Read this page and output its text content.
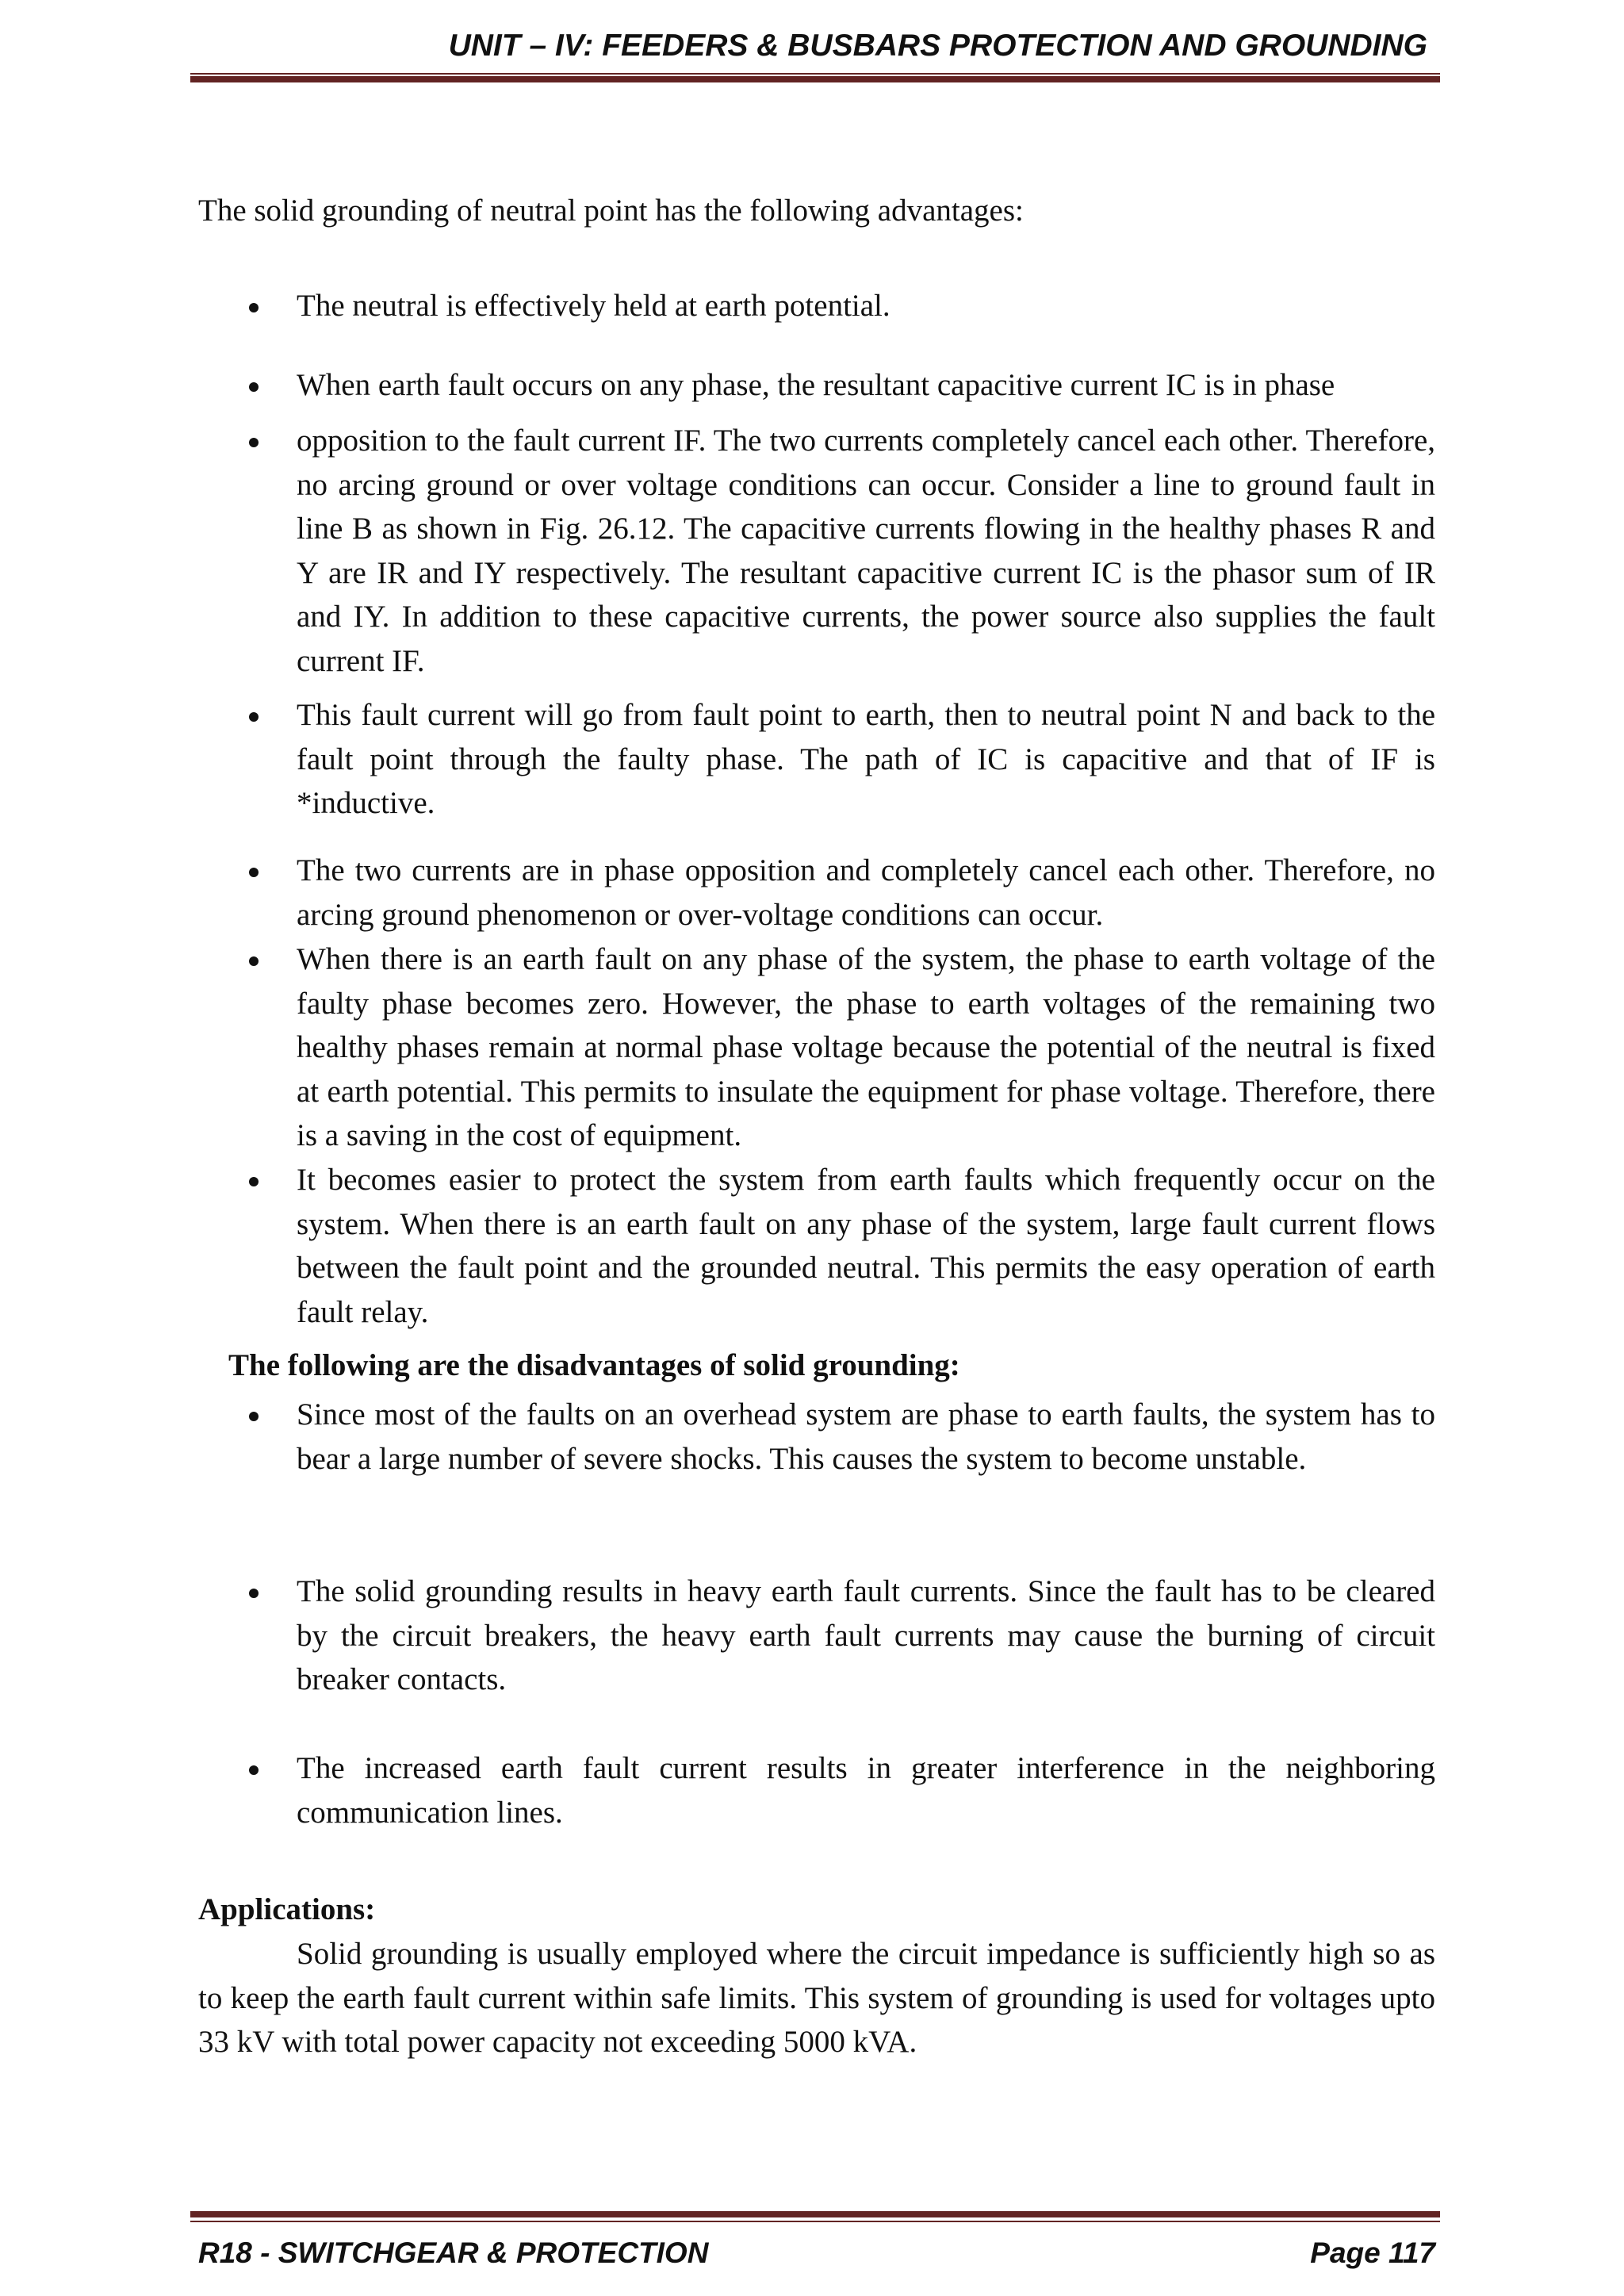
UNIT – IV: FEEDERS & BUSBARS PROTECTION AND GROUNDING
The solid grounding of neutral point has the following advantages:
The neutral is effectively held at earth potential.
When earth fault occurs on any phase, the resultant capacitive current IC is in phase
opposition to the fault current IF. The two currents completely cancel each other. Therefore, no arcing ground or over voltage conditions can occur. Consider a line to ground fault in line B as shown in Fig. 26.12. The capacitive currents flowing in the healthy phases R and Y are IR and IY respectively. The resultant capacitive current IC is the phasor sum of IR and IY. In addition to these capacitive currents, the power source also supplies the fault current IF.
This fault current will go from fault point to earth, then to neutral point N and back to the fault point through the faulty phase. The path of IC is capacitive and that of IF is *inductive.
The two currents are in phase opposition and completely cancel each other. Therefore, no arcing ground phenomenon or over-voltage conditions can occur.
When there is an earth fault on any phase of the system, the phase to earth voltage of the faulty phase becomes zero. However, the phase to earth voltages of the remaining two healthy phases remain at normal phase voltage because the potential of the neutral is fixed at earth potential. This permits to insulate the equipment for phase voltage. Therefore, there is a saving in the cost of equipment.
It becomes easier to protect the system from earth faults which frequently occur on the system. When there is an earth fault on any phase of the system, large fault current flows between the fault point and the grounded neutral. This permits the easy operation of earth fault relay.
The following are the disadvantages of solid grounding:
Since most of the faults on an overhead system are phase to earth faults, the system has to bear a large number of severe shocks. This causes the system to become unstable.
The solid grounding results in heavy earth fault currents. Since the fault has to be cleared by the circuit breakers, the heavy earth fault currents may cause the burning of circuit breaker contacts.
The increased earth fault current results in greater interference in the neighboring communication lines.
Applications:
Solid grounding is usually employed where the circuit impedance is sufficiently high so as to keep the earth fault current within safe limits. This system of grounding is used for voltages upto 33 kV with total power capacity not exceeding 5000 kVA.
R18 - SWITCHGEAR & PROTECTION	Page 117
